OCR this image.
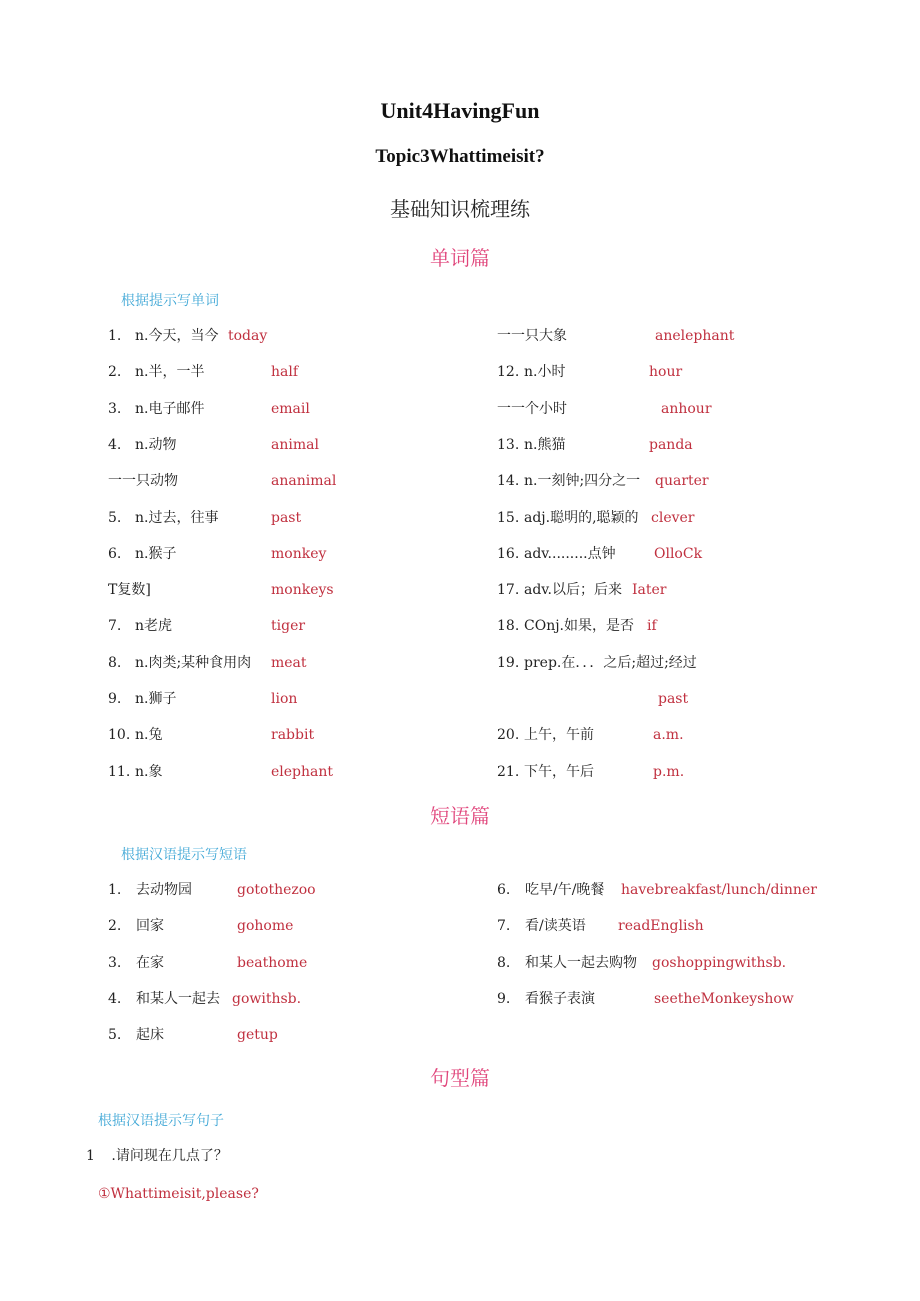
Unit4HavingFun
Topic3Whattimeisit?
基础知识梳理练
单词篇
根据提示写单词
1. n.今天，当今 today
2. n.半，一半	half
3. n.电子邮件	email
4. n.动物	animal
一一只动物	ananimal
5. n.过去，往事	past
6. n.猴子	monkey
T复数]	monkeys
7. n老虎	tiger
8. n.肉类;某种食用肉 meat
9. n.狮子	lion
10. n.兔	rabbit
11. n.象	elephant
一一只大象	anelephant
12. n.小时	hour
一一个小时	anhour
13. n.熊猫	panda
14. n.一刻钟;四分之一 quarter
15. adj.聪明的,聪颖的 clever
16. adv.........点钟	OlloCk
17. adv.以后；后来 Iater
18. COnj.如果，是否 if
19. prep.在．．．之后;超过;经过
past
20. 上午，午前	a.m.
21. 下午，午后	p.m.
短语篇
根据汉语提示写短语
1. 去动物园	gotothezoo
2. 回家	gohome
3. 在家	beathome
4. 和某人一起去 gowithsb.
5. 起床	getup
6. 吃早/午/晚餐 havebreakfast/lunch/dinner
7. 看/读英语 readEnglish
8. 和某人一起去购物 goshoppingwithsb.
9. 看猴子表演	seetheMonkeyshow
句型篇
根据汉语提示写句子
1 .请问现在几点了？
①Whattimeisit,please?
